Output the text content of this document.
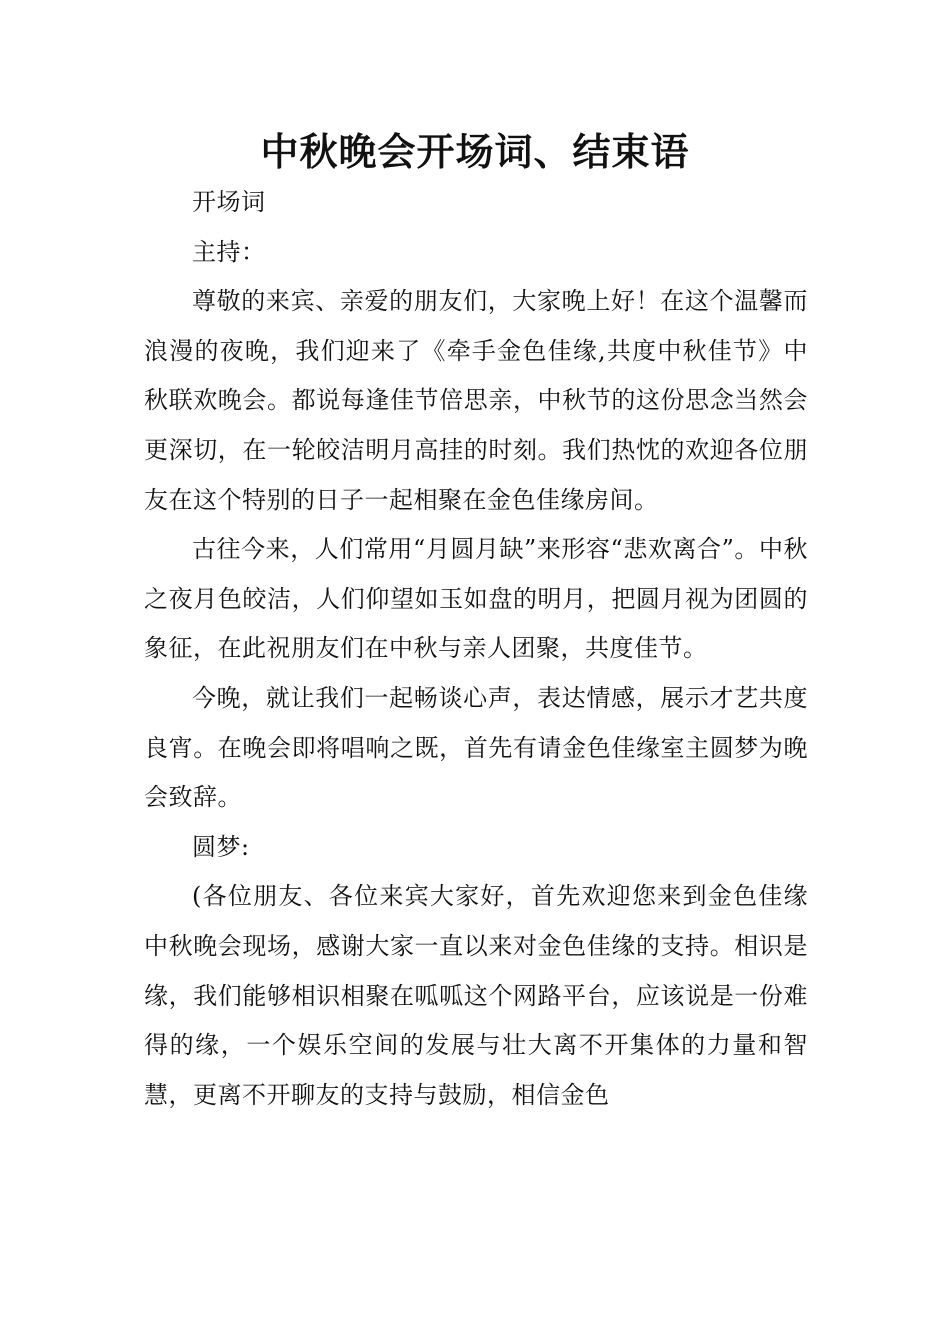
中秋晚会开场词、结束语

开场词

主持：

尊敬的来宾、亲爱的朋友们，大家晚上好！在这个温馨而浪漫的夜晚，我们迎来了《牵手金色佳缘,共度中秋佳节》中秋联欢晚会。都说每逢佳节倍思亲，中秋节的这份思念当然会更深切，在一轮皎洁明月高挂的时刻。我们热忱的欢迎各位朋友在这个特别的日子一起相聚在金色佳缘房间。

古往今来，人们常用“月圆月缺”来形容“悲欢离合”。中秋之夜月色皎洁，人们仰望如玉如盘的明月，把圆月视为团圆的象征，在此祝朋友们在中秋与亲人团聚，共度佳节。

今晚，就让我们一起畅谈心声，表达情感，展示才艺共度良宵。在晚会即将唱响之既，首先有请金色佳缘室主圆梦为晚会致辞。

圆梦:

(各位朋友、各位来宾大家好，首先欢迎您来到金色佳缘中秋晚会现场，感谢大家一直以来对金色佳缘的支持。相识是缘，我们能够相识相聚在呱呱这个网路平台，应该说是一份难得的缘，一个娱乐空间的发展与壮大离不开集体的力量和智慧，更离不开聊友的支持与鼓励，相信金色
